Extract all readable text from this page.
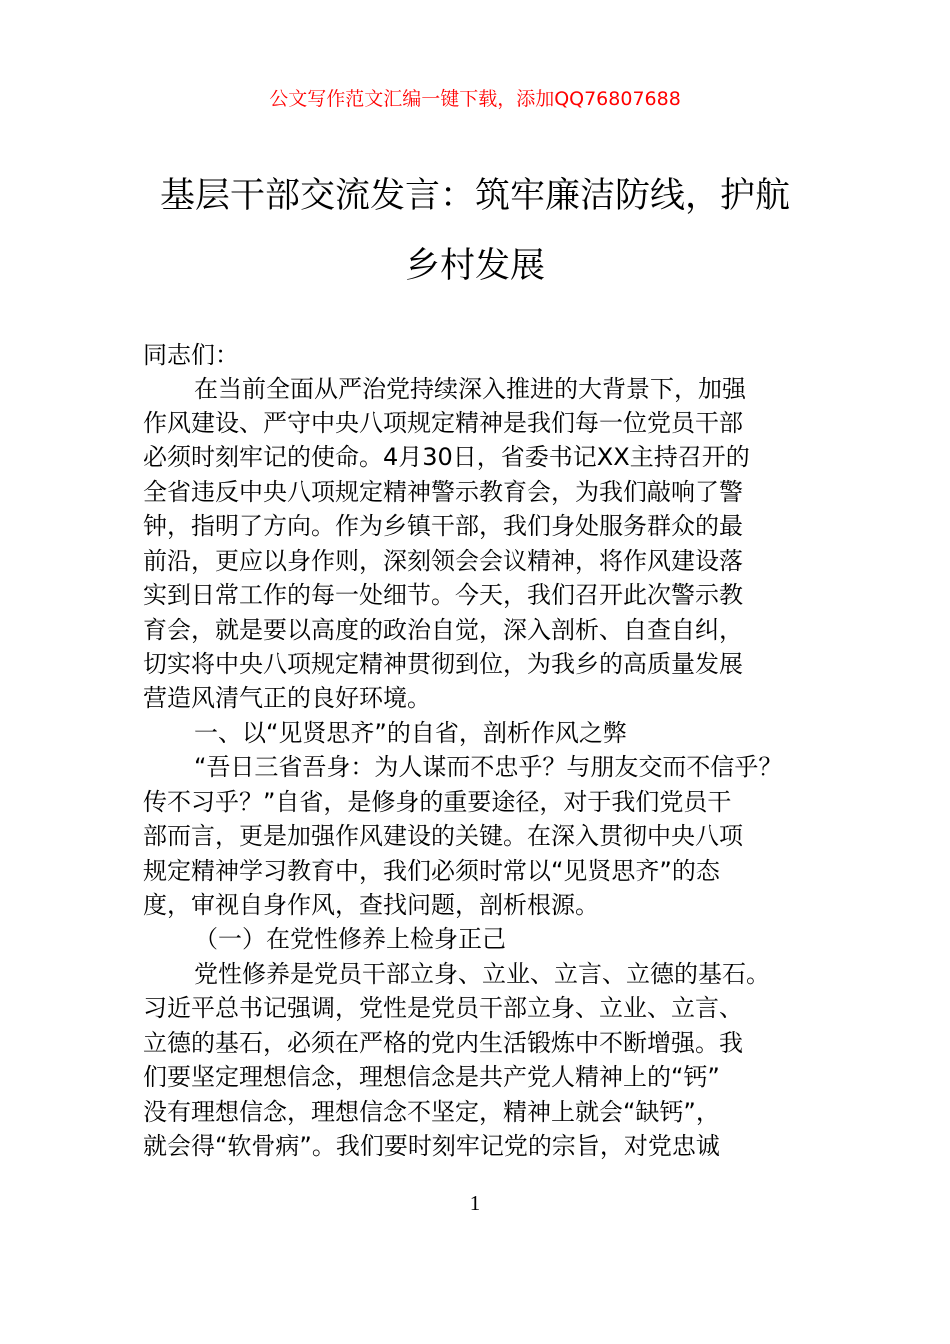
公文写作范文汇编一键下载，添加QQ76807688
基层干部交流发言：筑牢廉洁防线，护航
乡村发展
同志们：
在当前全面从严治党持续深入推进的大背景下，加强
作风建设、严守中央八项规定精神是我们每一位党员干部
必须时刻牢记的使命。4月30日，省委书记XX主持召开的
全省违反中央八项规定精神警示教育会，为我们敲响了警
钟，指明了方向。作为乡镇干部，我们身处服务群众的最
前沿，更应以身作则，深刻领会会议精神，将作风建设落
实到日常工作的每一处细节。今天，我们召开此次警示教
育会，就是要以高度的政治自觉，深入剖析、自查自纠，
切实将中央八项规定精神贯彻到位，为我乡的高质量发展
营造风清气正的良好环境。
一、以“见贤思齐”的自省，剖析作风之弊
“吾日三省吾身：为人谋而不忠乎？与朋友交而不信乎？
传不习乎？”自省，是修身的重要途径，对于我们党员干
部而言，更是加强作风建设的关键。在深入贯彻中央八项
规定精神学习教育中，我们必须时常以“见贤思齐”的态
度，审视自身作风，查找问题，剖析根源。
（一）在党性修养上检身正己
党性修养是党员干部立身、立业、立言、立德的基石。
习近平总书记强调，党性是党员干部立身、立业、立言、
立德的基石，必须在严格的党内生活锻炼中不断增强。我
们要坚定理想信念，理想信念是共产党人精神上的“钙”
没有理想信念，理想信念不坚定，精神上就会“缺钙”，
就会得“软骨病”。我们要时刻牢记党的宗旨，对党忠诚
1
